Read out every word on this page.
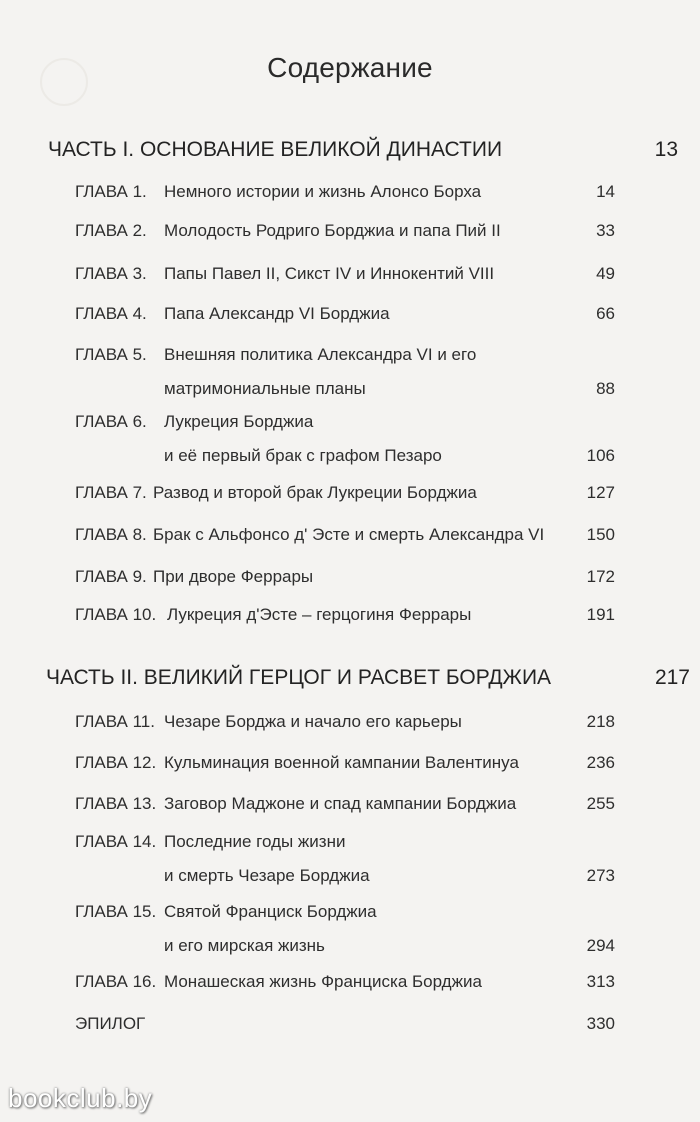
Содержание
ЧАСТЬ I. ОСНОВАНИЕ ВЕЛИКОЙ ДИНАСТИИ	13
ГЛАВА 1. Немного истории и жизнь Алонсо Борха	14
ГЛАВА 2. Молодость Родриго Борджиа и папа Пий II	33
ГЛАВА 3. Папы Павел II, Сикст IV и Иннокентий VIII	49
ГЛАВА 4. Папа Александр VI Борджиа	66
ГЛАВА 5. Внешняя политика Александра VI и его
матримониальные планы	88
ГЛАВА 6. Лукреция Борджиа
и её первый брак с графом Пезаро	106
ГЛАВА 7. Развод и второй брак Лукреции Борджиа	127
ГЛАВА 8. Брак с Альфонсо д' Эсте и смерть Александра VI 150
ГЛАВА 9. При дворе Феррары	172
ГЛАВА 10. Лукреция д'Эсте – герцогиня Феррары	191
ЧАСТЬ II. ВЕЛИКИЙ ГЕРЦОГ И РАСВЕТ БОРДЖИА	217
ГЛАВА 11. Чезаре Борджа и начало его карьеры	218
ГЛАВА 12. Кульминация военной кампании Валентинуа	236
ГЛАВА 13. Заговор Маджоне и спад кампании Борджиа	255
ГЛАВА 14. Последние годы жизни
и смерть Чезаре Борджиа	273
ГЛАВА 15. Святой Франциск Борджиа
и его мирская жизнь	294
ГЛАВА 16. Монашеская жизнь Франциска Борджиа	313
ЭПИЛОГ	330
bookclub.by
